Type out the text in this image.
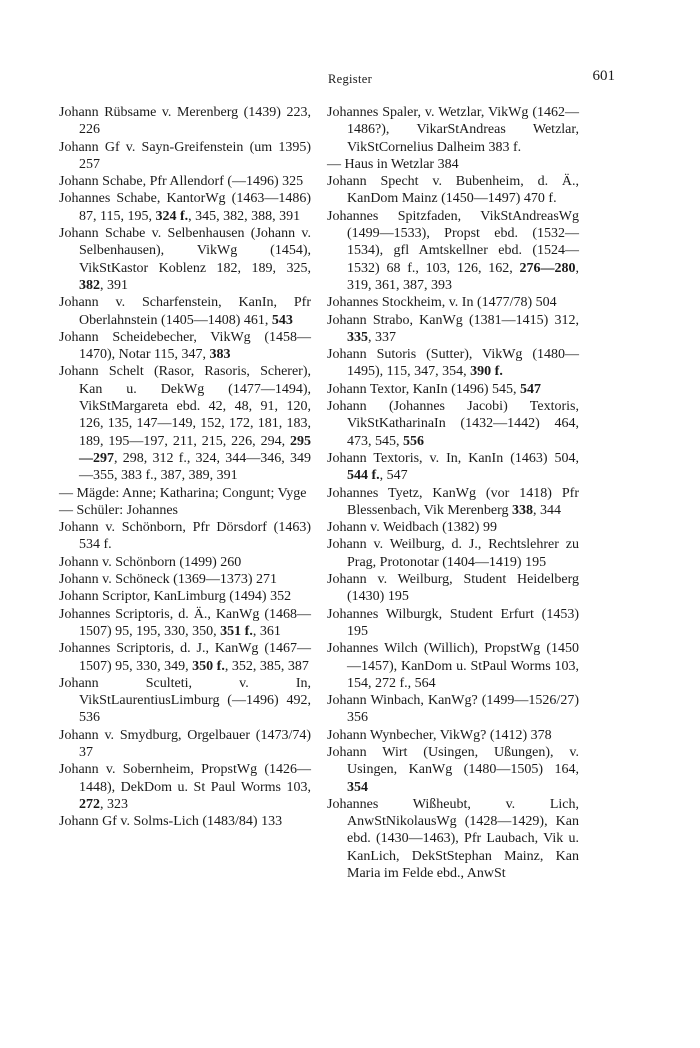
Register	601

Johann Rübsame v. Merenberg (1439) 223, 226

Johann Gf v. Sayn-Greifenstein (um 1395) 257

Johann Schabe, Pfr Allendorf (—1496) 325

Johannes Schabe, KantorWg (1463—1486) 87, 115, 195, 324 f., 345, 382, 388, 391

Johann Schabe v. Selbenhausen (Johann v. Selbenhausen), VikWg (1454), VikStKastor Koblenz 182, 189, 325, 382, 391

Johann v. Scharfenstein, KanIn, Pfr Oberlahnstein (1405—1408) 461, 543

Johann Scheidebecher, VikWg (1458—1470), Notar 115, 347, 383

Johann Schelt (Rasor, Rasoris, Scherer), Kan u. DekWg (1477—1494), VikStMargareta ebd. 42, 48, 91, 120, 126, 135, 147—149, 152, 172, 181, 183, 189, 195—197, 211, 215, 226, 294, 295—297, 298, 312 f., 324, 344—346, 349—355, 383 f., 387, 389, 391

— Mägde: Anne; Katharina; Congunt; Vyge

— Schüler: Johannes

Johann v. Schönborn, Pfr Dörsdorf (1463) 534 f.

Johann v. Schönborn (1499) 260

Johann v. Schöneck (1369—1373) 271

Johann Scriptor, KanLimburg (1494) 352

Johannes Scriptoris, d. Ä., KanWg (1468—1507) 95, 195, 330, 350, 351 f., 361

Johannes Scriptoris, d. J., KanWg (1467—1507) 95, 330, 349, 350 f., 352, 385, 387

Johann Sculteti, v. In, VikStLaurentiusLimburg (—1496) 492, 536

Johann v. Smydburg, Orgelbauer (1473/74) 37

Johann v. Sobernheim, PropstWg (1426—1448), DekDom u. St Paul Worms 103, 272, 323

Johann Gf v. Solms-Lich (1483/84) 133

Johannes Spaler, v. Wetzlar, VikWg (1462—1486?), VikarStAndreas Wetzlar, VikStCornelius Dalheim 383 f.

— Haus in Wetzlar 384

Johann Specht v. Bubenheim, d. Ä., KanDom Mainz (1450—1497) 470 f.

Johannes Spitzfaden, VikStAndreasWg (1499—1533), Propst ebd. (1532—1534), gfl Amtskellner ebd. (1524—1532) 68 f., 103, 126, 162, 276—280, 319, 361, 387, 393

Johannes Stockheim, v. In (1477/78) 504

Johann Strabo, KanWg (1381—1415) 312, 335, 337

Johann Sutoris (Sutter), VikWg (1480—1495), 115, 347, 354, 390 f.

Johann Textor, KanIn (1496) 545, 547

Johann (Johannes Jacobi) Textoris, VikStKatharinaIn (1432—1442) 464, 473, 545, 556

Johann Textoris, v. In, KanIn (1463) 504, 544 f., 547

Johannes Tyetz, KanWg (vor 1418) Pfr Blessenbach, Vik Merenberg 338, 344

Johann v. Weidbach (1382) 99

Johann v. Weilburg, d. J., Rechtslehrer zu Prag, Protonotar (1404—1419) 195

Johann v. Weilburg, Student Heidelberg (1430) 195

Johannes Wilburgk, Student Erfurt (1453) 195

Johannes Wilch (Willich), PropstWg (1450—1457), KanDom u. StPaul Worms 103, 154, 272 f., 564

Johann Winbach, KanWg? (1499—1526/27) 356

Johann Wynbecher, VikWg? (1412) 378

Johann Wirt (Usingen, Ußungen), v. Usingen, KanWg (1480—1505) 164, 354

Johannes Wißheubt, v. Lich, AnwStNikolausWg (1428—1429), Kan ebd. (1430—1463), Pfr Laubach, Vik u. KanLich, DekStStephan Mainz, Kan Maria im Felde ebd., AnwSt
